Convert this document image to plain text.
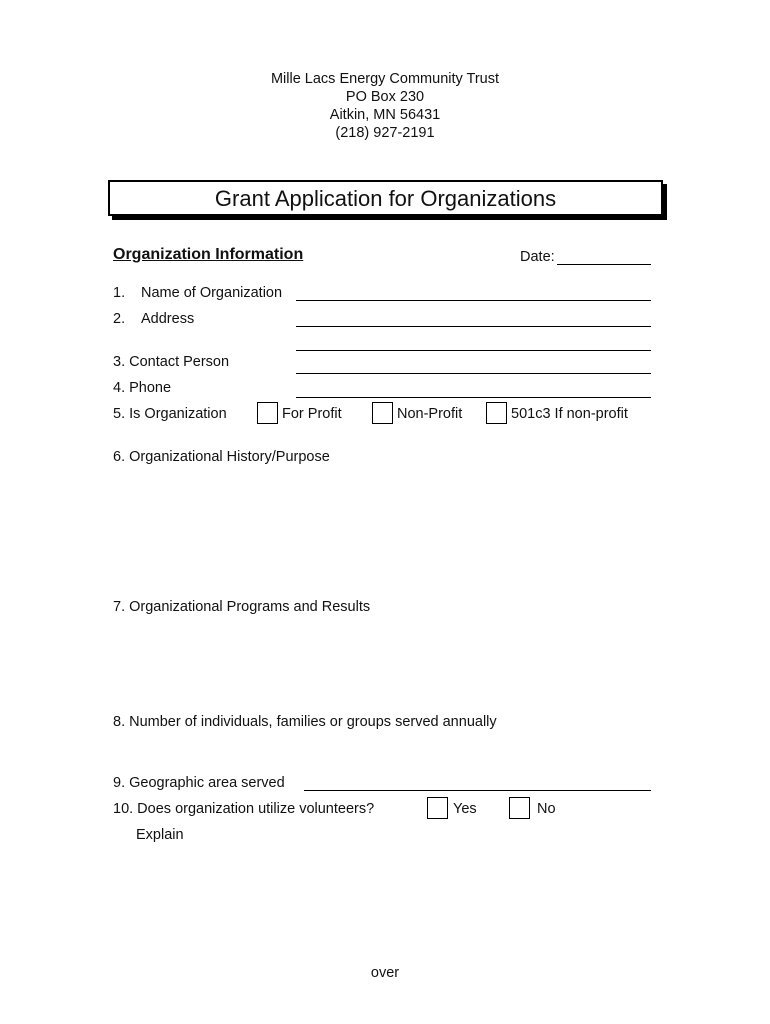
Mille Lacs Energy Community Trust
PO Box 230
Aitkin, MN 56431
(218) 927-2191
Grant Application for Organizations
Organization Information	Date:
1. Name of Organization
2. Address
3. Contact Person
4. Phone
5. Is Organization	For Profit	Non-Profit	501c3 If non-profit
6. Organizational History/Purpose
7. Organizational Programs and Results
8. Number of individuals, families or groups served annually
9. Geographic area served
10. Does organization utilize volunteers?	Yes	No
Explain
over
